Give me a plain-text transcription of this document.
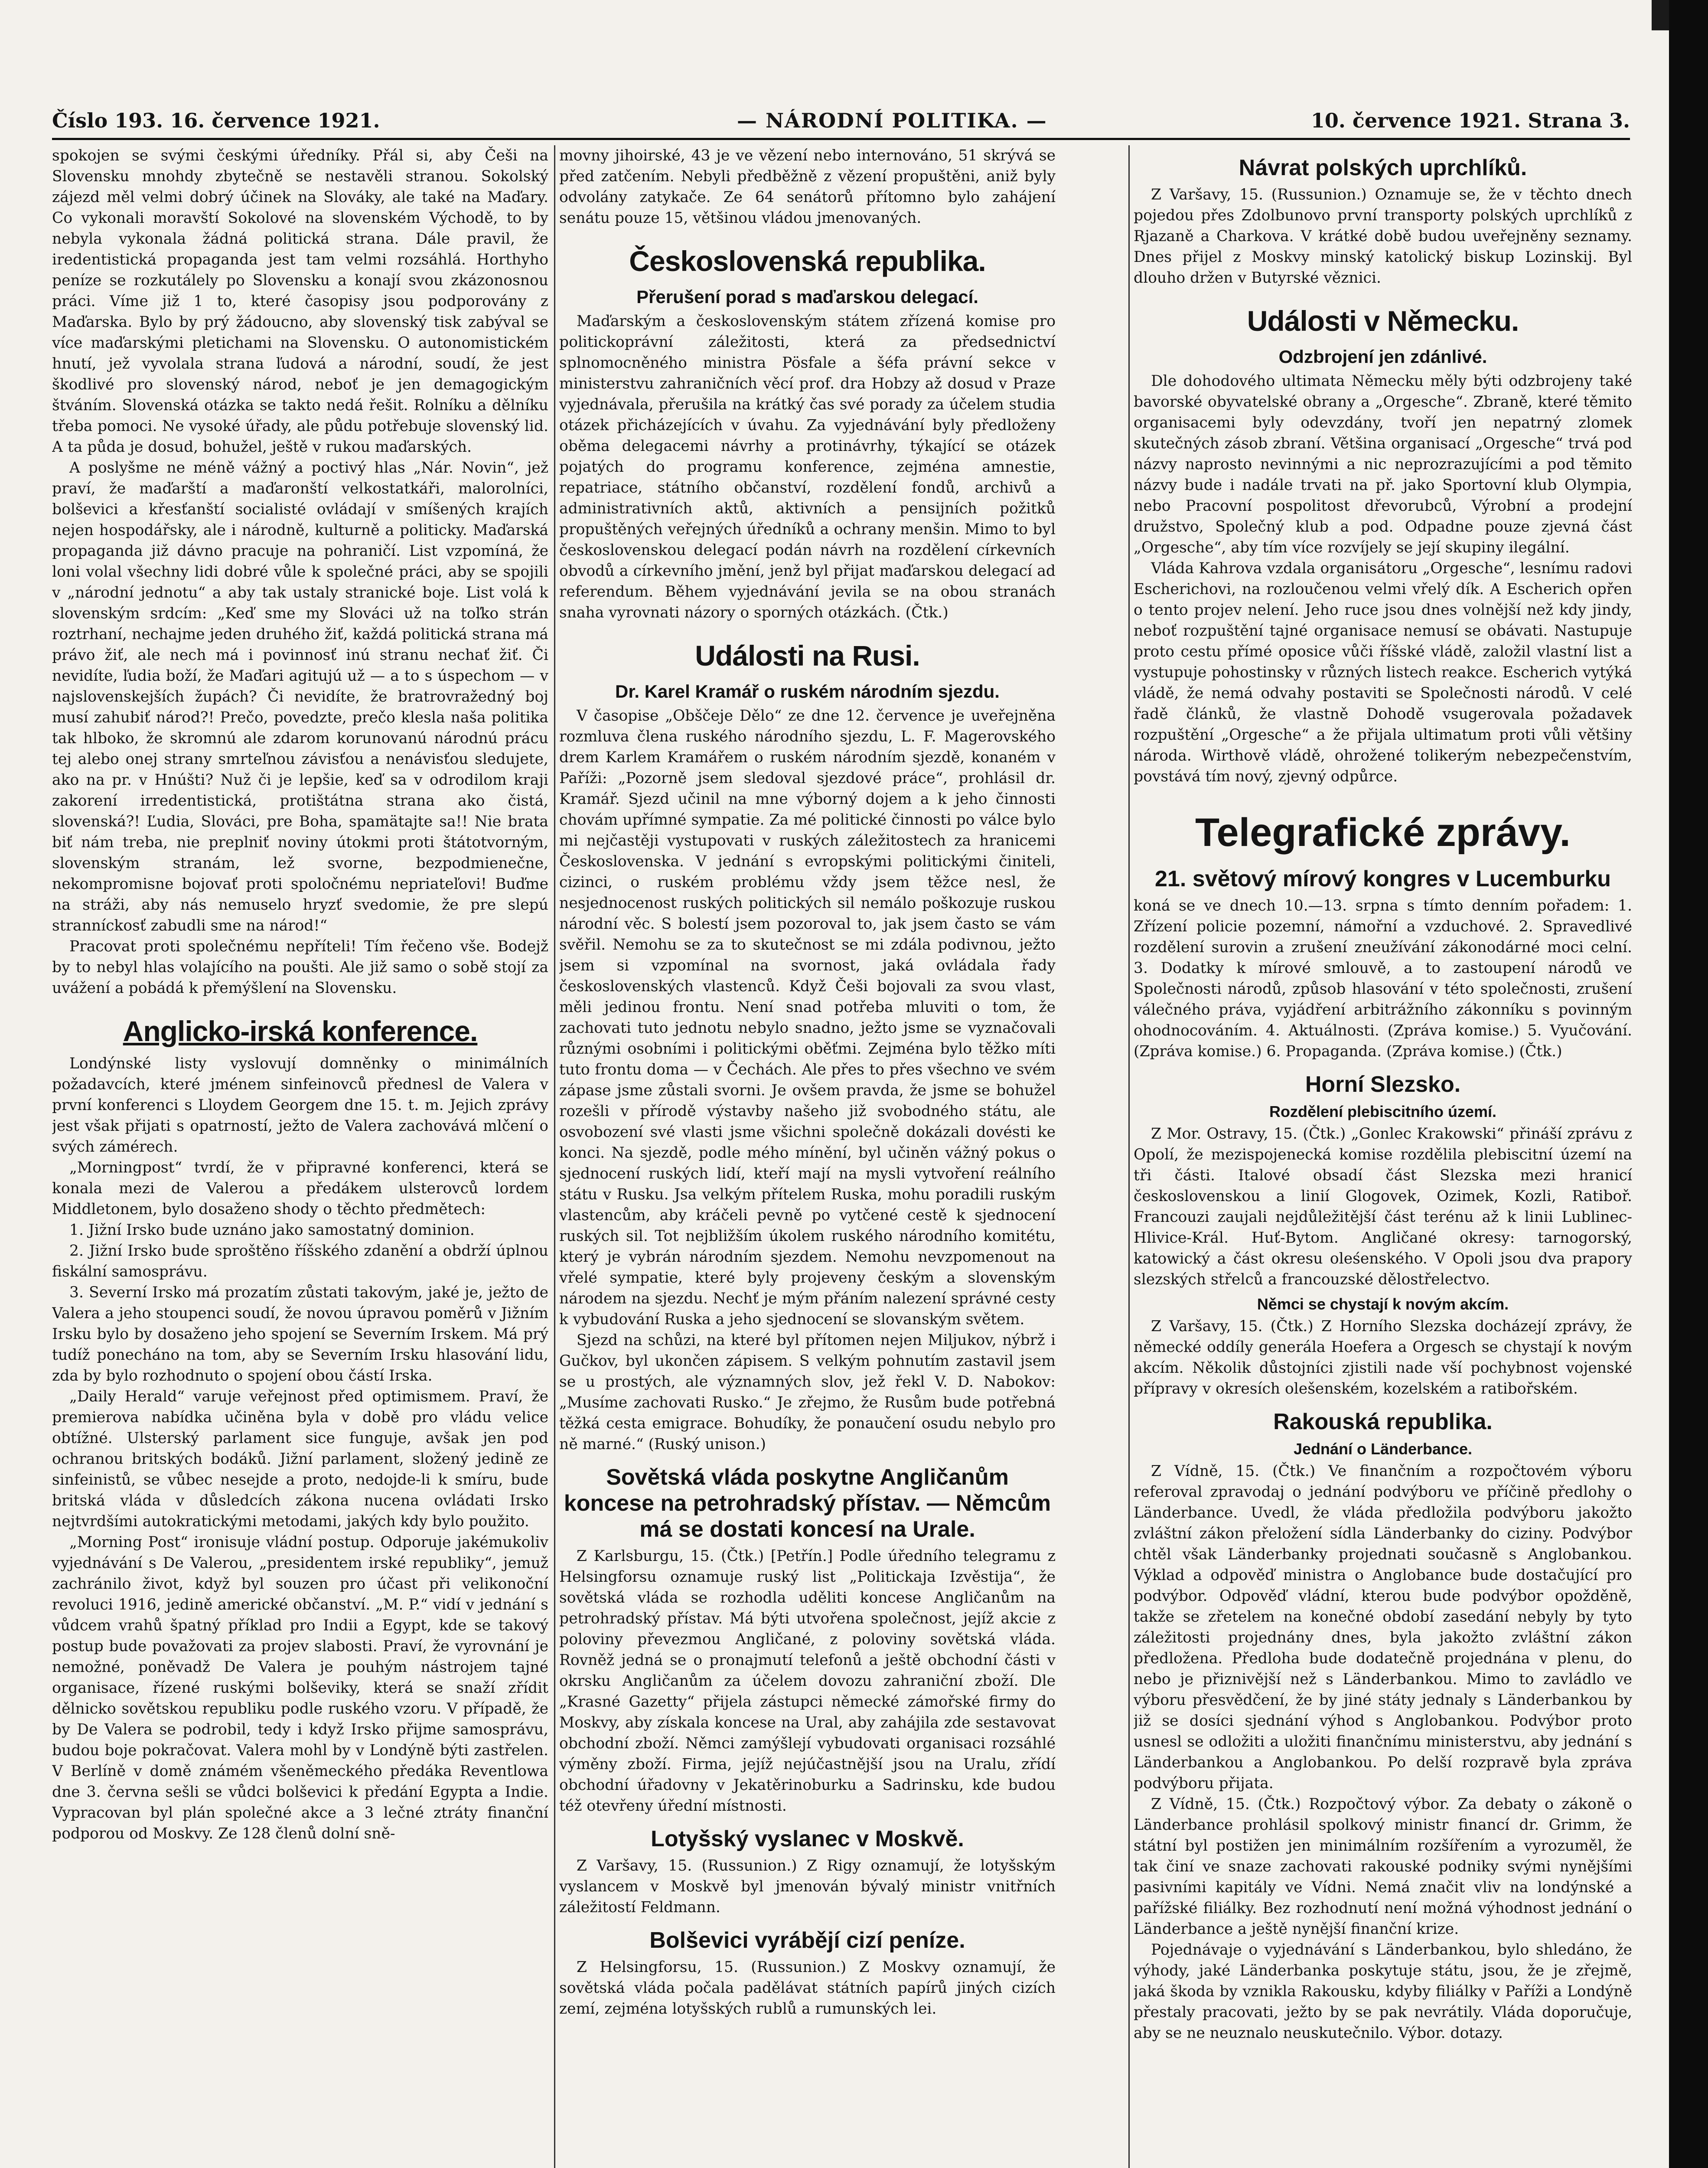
Číslo 193. 16. července 1921.	— NÁRODNÍ POLITIKA. —	10. července 1921. Strana 3.

spokojen se svými českými úředníky. Přál si, aby Češi na Slovensku mnohdy zbytečně se nestavěli stranou. Sokolský zájezd měl velmi dobrý účinek na Slováky, ale také na Maďary. Co vykonali moravští Sokolové na slovenském Východě, to by nebyla vykonala žádná politická strana. Dále pravil, že iredentistická propaganda jest tam velmi rozsáhlá. Horthyho peníze se rozkutálely po Slovensku a konají svou zkázonosnou práci. Víme již 1 to, které časopisy jsou podporovány z Maďarska. Bylo by prý žádoucno, aby slovenský tisk zabýval se více maďarskými pletichami na Slovensku. O autonomistickém hnutí, jež vyvolala strana ľudová a národní, soudí, že jest škodlivé pro slovenský národ, neboť je jen demagogickým štváním. Slovenská otázka se takto nedá řešit. Rolníku a dělníku třeba pomoci. Ne vysoké úřady, ale půdu potřebuje slovenský lid. A ta půda je dosud, bohužel, ještě v rukou maďarských.

A poslyšme ne méně vážný a poctivý hlas „Nár. Novin“, jež praví, že maďarští a maďaronští velkostatkáři, malorolníci, bolševici a křesťanští socialisté ovládají v smíšených krajích nejen hospodářsky, ale i národně, kulturně a politicky. Maďarská propaganda již dávno pracuje na pohraničí. List vzpomíná, že loni volal všechny lidi dobré vůle k společné práci, aby se spojili v „národní jednotu“ a aby tak ustaly stranické boje. List volá k slovenským srdcím: „Keď sme my Slováci už na toľko strán roztrhaní, nechajme jeden druhého žiť, každá politická strana má právo žiť, ale nech má i povinnosť inú stranu nechať žiť. Či nevidíte, ľudia boží, že Maďari agitujú už — a to s úspechom — v najslovenskejších župách? Či nevidíte, že bratrovražedný boj musí zahubiť národ?! Prečo, povedzte, prečo klesla naša politika tak hlboko, že skromnú ale zdarom korunovanú národnú prácu tej alebo onej strany smrteľnou závisťou a nenávisťou sledujete, ako na pr. v Hnúšti? Nuž či je lepšie, keď sa v odrodilom kraji zakorení irredentistická, protištátna strana ako čistá, slovenská?! Ľudia, Slováci, pre Boha, spamätajte sa!! Nie brata biť nám treba, nie preplniť noviny útokmi proti štátotvorným, slovenským stranám, lež svorne, bezpodmienečne, nekompromisne bojovať proti spoločnému nepriateľovi! Buďme na stráži, aby nás nemuselo hryzť svedomie, že pre slepú stranníckosť zabudli sme na národ!“

Pracovat proti společnému nepříteli! Tím řečeno vše. Bodejž by to nebyl hlas volajícího na poušti. Ale již samo o sobě stojí za uvážení a pobádá k přemýšlení na Slovensku.

Anglicko-irská konference.

Londýnské listy vyslovují domněnky o minimálních požadavcích, které jménem sinfeinovců přednesl de Valera v první konferenci s Lloydem Georgem dne 15. t. m. Jejich zprávy jest však přijati s opatrností, ježto de Valera zachovává mlčení o svých zámérech.

„Morningpost“ tvrdí, že v připravné konferenci, která se konala mezi de Valerou a předákem ulsterovců lordem Middletonem, bylo dosaženo shody o těchto předmětech:

1. Jižní Irsko bude uznáno jako samostatný dominion.

2. Jižní Irsko bude sproštěno říšského zdanění a obdrží úplnou fiskální samosprávu.

3. Severní Irsko má prozatím zůstati takovým, jaké je, ježto de Valera a jeho stoupenci soudí, že novou úpravou poměrů v Jižním Irsku bylo by dosaženo jeho spojení se Severním Irskem. Má prý tudíž ponecháno na tom, aby se Severním Irsku hlasování lidu, zda by bylo rozhodnuto o spojení obou částí Irska.

„Daily Herald“ varuje veřejnost před optimismem. Praví, že premierova nabídka učiněna byla v době pro vládu velice obtížné. Ulsterský parlament sice funguje, avšak jen pod ochranou britských bodáků. Jižní parlament, složený jedině ze sinfeinistů, se vůbec nesejde a proto, nedojde-li k smíru, bude britská vláda v důsledcích zákona nucena ovládati Irsko nejtvrdšími autokratickými metodami, jakých kdy bylo použito.

„Morning Post“ ironisuje vládní postup. Odporuje jakémukoliv vyjednávání s De Valerou, „presidentem irské republiky“, jemuž zachránilo život, když byl souzen pro účast při velikonoční revoluci 1916, jedině americké občanství. „M. P.“ vidí v jednání s vůdcem vrahů špatný příklad pro Indii a Egypt, kde se takový postup bude považovati za projev slabosti. Praví, že vyrovnání je nemožné, poněvadž De Valera je pouhým nástrojem tajné organisace, řízené ruskými bolševiky, která se snaží zřídit dělnicko sovětskou republiku podle ruského vzoru. V případě, že by De Valera se podrobil, tedy i když Irsko přijme samosprávu, budou boje pokračovat. Valera mohl by v Londýně býti zastřelen. V Berlíně v domě známém všeněmeckého předáka Reventlowa dne 3. června sešli se vůdci bolševici k předání Egypta a Indie. Vypracovan byl plán společné akce a 3 lečné ztráty finanční podporou od Moskvy. Ze 128 členů dolní sně-

movny jihoirské, 43 je ve vězení nebo internováno, 51 skrývá se před zatčením. Nebyli předběžně z vězení propuštěni, aniž byly odvolány zatykače. Ze 64 senátorů přítomno bylo zahájení senátu pouze 15, většinou vládou jmenovaných.

Československá republika.
Přerušení porad s maďarskou delegací.

Maďarským a československým státem zřízená komise pro politickoprávní záležitosti, která za předsednictví splnomocněného ministra Pösfale a šéfa právní sekce v ministerstvu zahraničních věcí prof. dra Hobzy až dosud v Praze vyjednávala, přerušila na krátký čas své porady za účelem studia otázek přicházejících v úvahu. Za vyjednávání byly předloženy oběma delegacemi návrhy a protinávrhy, týkající se otázek pojatých do programu konference, zejména amnestie, repatriace, státního občanství, rozdělení fondů, archivů a administrativních aktů, aktivních a pensijních požitků propuštěných veřejných úředníků a ochrany menšin. Mimo to byl československou delegací podán návrh na rozdělení církevních obvodů a církevního jmění, jenž byl přijat maďarskou delegací ad referendum. Během vyjednávání jevila se na obou stranách snaha vyrovnati názory o sporných otázkách. (Čtk.)

Události na Rusi.
Dr. Karel Kramář o ruském národním sjezdu.

V časopise „Obščeje Dělo“ ze dne 12. července je uveřejněna rozmluva člena ruského národního sjezdu, L. F. Magerovského drem Karlem Kramářem o ruském národním sjezdě, konaném v Paříži: „Pozorně jsem sledoval sjezdové práce“, prohlásil dr. Kramář. Sjezd učinil na mne výborný dojem a k jeho činnosti chovám upřímné sympatie. Za mé politické činnosti po válce bylo mi nejčastěji vystupovati v ruských záležitostech za hranicemi Československa. V jednání s evropskými politickými činiteli, cizinci, o ruském problému vždy jsem těžce nesl, že nesjednocenost ruských politických sil nemálo poškozuje ruskou národní věc. S bolestí jsem pozoroval to, jak jsem často se vám svěřil. Nemohu se za to skutečnost se mi zdála podivnou, ježto jsem si vzpomínal na svornost, jaká ovládala řady československých vlastenců. Když Češi bojovali za svou vlast, měli jedinou frontu. Není snad potřeba mluviti o tom, že zachovati tuto jednotu nebylo snadno, ježto jsme se vyznačovali různými osobními i politickými oběťmi. Zejména bylo těžko míti tuto frontu doma — v Čechách. Ale přes to přes všechno ve svém zápase jsme zůstali svorni. Je ovšem pravda, že jsme se bohužel rozešli v přírodě výstavby našeho již svobodného státu, ale osvobození své vlasti jsme všichni společně dokázali dovésti ke konci. Na sjezdě, podle mého mínění, byl učiněn vážný pokus o sjednocení ruských lidí, kteří mají na mysli vytvoření reálního státu v Rusku. Jsa velkým přítelem Ruska, mohu poradili ruským vlastencům, aby kráčeli pevně po vytčené cestě k sjednocení ruských sil. Tot nejbližším úkolem ruského národního komitétu, který je vybrán národním sjezdem. Nemohu nevzpomenout na vřelé sympatie, které byly projeveny českým a slovenským národem na sjezdu. Nechť je mým přáním nalezení správné cesty k vybudování Ruska a jeho sjednocení se slovanským světem.

Sjezd na schůzi, na které byl přítomen nejen Miljukov, nýbrž i Gučkov, byl ukončen zápisem. S velkým pohnutím zastavil jsem se u prostých, ale významných slov, jež řekl V. D. Nabokov: „Musíme zachovati Rusko.“ Je zřejmo, že Rusům bude potřebná těžká cesta emigrace. Bohudíky, že ponaučení osudu nebylo pro ně marné.“ (Ruský unison.)

Sovětská vláda poskytne Angličanům koncese na petrohradský přístav. — Němcům má se dostati koncesí na Urale.

Z Karlsburgu, 15. (Čtk.) [Petřín.] Podle úředního telegramu z Helsingforsu oznamuje ruský list „Politickaja Izvěstija“, že sovětská vláda se rozhodla uděliti koncese Angličanům na petrohradský přístav. Má býti utvořena společnost, jejíž akcie z poloviny převezmou Angličané, z poloviny sovětská vláda. Rovněž jedná se o pronajmutí telefonů a ještě obchodní části v okrsku Angličanům za účelem dovozu zahraniční zboží. Dle „Krasné Gazetty“ přijela zástupci německé zámořské firmy do Moskvy, aby získala koncese na Ural, aby zahájila zde sestavovat obchodní zboží. Němci zamýšlejí vybudovati organisaci rozsáhlé výměny zboží. Firma, jejíž nejúčastnější jsou na Uralu, zřídí obchodní úřadovny v Jekatěrinoburku a Sadrinsku, kde budou též otevřeny úřední místnosti.

Lotyšský vyslanec v Moskvě.

Z Varšavy, 15. (Russunion.) Z Rigy oznamují, že lotyšským vyslancem v Moskvě byl jmenován bývalý ministr vnitřních záležitostí Feldmann.

Bolševici vyrábějí cizí peníze.

Z Helsingforsu, 15. (Russunion.) Z Moskvy oznamují, že sovětská vláda počala padělávat státních papírů jiných cizích zemí, zejména lotyšských rublů a rumunských lei.

Návrat polských uprchlíků.

Z Varšavy, 15. (Russunion.) Oznamuje se, že v těchto dnech pojedou přes Zdolbunovo první transporty polských uprchlíků z Rjazaně a Charkova. V krátké době budou uveřejněny seznamy. Dnes přijel z Moskvy minský katolický biskup Lozinskij. Byl dlouho držen v Butyrské věznici.

Události v Německu.
Odzbrojení jen zdánlivé.

Dle dohodového ultimata Německu měly býti odzbrojeny také bavorské obyvatelské obrany a „Orgesche“. Zbraně, které těmito organisacemi byly odevzdány, tvoří jen nepatrný zlomek skutečných zásob zbraní. Většina organisací „Orgesche“ trvá pod názvy naprosto nevinnými a nic neprozrazujícími a pod těmito názvy bude i nadále trvati na př. jako Sportovní klub Olympia, nebo Pracovní pospolitost dřevorubců, Výrobní a prodejní družstvo, Společný klub a pod. Odpadne pouze zjevná část „Orgesche“, aby tím více rozvíjely se její skupiny ilegální.

Vláda Kahrova vzdala organisátoru „Orgesche“, lesnímu radovi Escherichovi, na rozloučenou velmi vřelý dík. A Escherich opřen o tento projev nelení. Jeho ruce jsou dnes volnější než kdy jindy, neboť rozpuštění tajné organisace nemusí se obávati. Nastupuje proto cestu přímé oposice vůči říšské vládě, založil vlastní list a vystupuje pohostinsky v různých listech reakce. Escherich vytýká vládě, že nemá odvahy postaviti se Společnosti národů. V celé řadě článků, že vlastně Dohodě vsugerovala požadavek rozpuštění „Orgesche“ a že přijala ultimatum proti vůli většiny národa. Wirthově vládě, ohrožené tolikerým nebezpečenstvím, povstává tím nový, zjevný odpůrce.

Telegrafické zprávy.
21. světový mírový kongres v Lucemburku

koná se ve dnech 10.—13. srpna s tímto denním pořadem: 1. Zřízení policie pozemní, námořní a vzduchové. 2. Spravedlivé rozdělení surovin a zrušení zneužívání zákonodárné moci celní. 3. Dodatky k mírové smlouvě, a to zastoupení národů ve Společnosti národů, způsob hlasování v této společnosti, zrušení válečného práva, vyjádření arbitrážního zákonníku s povinným ohodnocováním. 4. Aktuálnosti. (Zpráva komise.) 5. Vyučování. (Zpráva komise.) 6. Propaganda. (Zpráva komise.) (Čtk.)

Horní Slezsko.
Rozdělení plebiscitního území.

Z Mor. Ostravy, 15. (Čtk.) „Gonlec Krakowski“ přináší zprávu z Opolí, že mezispojenecká komise rozdělila plebiscitní území na tři části. Italové obsadí část Slezska mezi hranicí československou a linií Glogovek, Ozimek, Kozli, Ratiboř. Francouzi zaujali nejdůležitější část terénu až k linii Lublinec-Hlivice-Král. Huť-Bytom. Angličané okresy: tarnogorský, katowický a část okresu oleśenského. V Opoli jsou dva prapory slezských střelců a francouzské dělostřelectvo.

Němci se chystají k novým akcím.

Z Varšavy, 15. (Čtk.) Z Horního Slezska docházejí zprávy, že německé oddíly generála Hoefera a Orgesch se chystají k novým akcím. Několik důstojníci zjistili nade vší pochybnost vojenské přípravy v okresích olešenském, kozelském a ratibořském.

Rakouská republika.
Jednání o Länderbance.

Z Vídně, 15. (Čtk.) Ve finančním a rozpočtovém výboru referoval zpravodaj o jednání podvýboru ve příčině předlohy o Länderbance. Uvedl, že vláda předložila podvýboru jakožto zvláštní zákon přeložení sídla Länderbanky do ciziny. Podvýbor chtěl však Länderbanky projednati současně s Anglobankou. Výklad a odpověď ministra o Anglobance bude dostačující pro podvýbor. Odpověď vládní, kterou bude podvýbor opožděně, takže se zřetelem na konečné období zasedání nebyly by tyto záležitosti projednány dnes, byla jakožto zvláštní zákon předložena. Předloha bude dodatečně projednána v plenu, do nebo je přiznivější než s Länderbankou. Mimo to zavládlo ve výboru přesvědčení, že by jiné státy jednaly s Länderbankou by již se dosíci sjednání výhod s Anglobankou. Podvýbor proto usnesl se odložiti a uložiti finančnímu ministerstvu, aby jednání s Länderbankou a Anglobankou. Po delší rozpravě byla zpráva podvýboru přijata.

Z Vídně, 15. (Čtk.) Rozpočtový výbor. Za debaty o zákoně o Länderbance prohlásil spolkový ministr financí dr. Grimm, že státní byl postižen jen minimálním rozšířením a vyrozuměl, že tak činí ve snaze zachovati rakouské podniky svými nynějšími pasivními kapitály ve Vídni. Nemá značit vliv na londýnské a pařížské filiálky. Bez rozhodnutí není možná výhodnost jednání o Länderbance a ještě nynější finanční krize.

Pojednávaje o vyjednávání s Länderbankou, bylo shledáno, že výhody, jaké Länderbanka poskytuje státu, jsou, že je zřejmě, jaká škoda by vznikla Rakousku, kdyby filiálky v Paříži a Londýně přestaly pracovati, ježto by se pak nevrátily. Vláda doporučuje, aby se ne neuznalo neuskutečnilo. Výbor. dotazy.
